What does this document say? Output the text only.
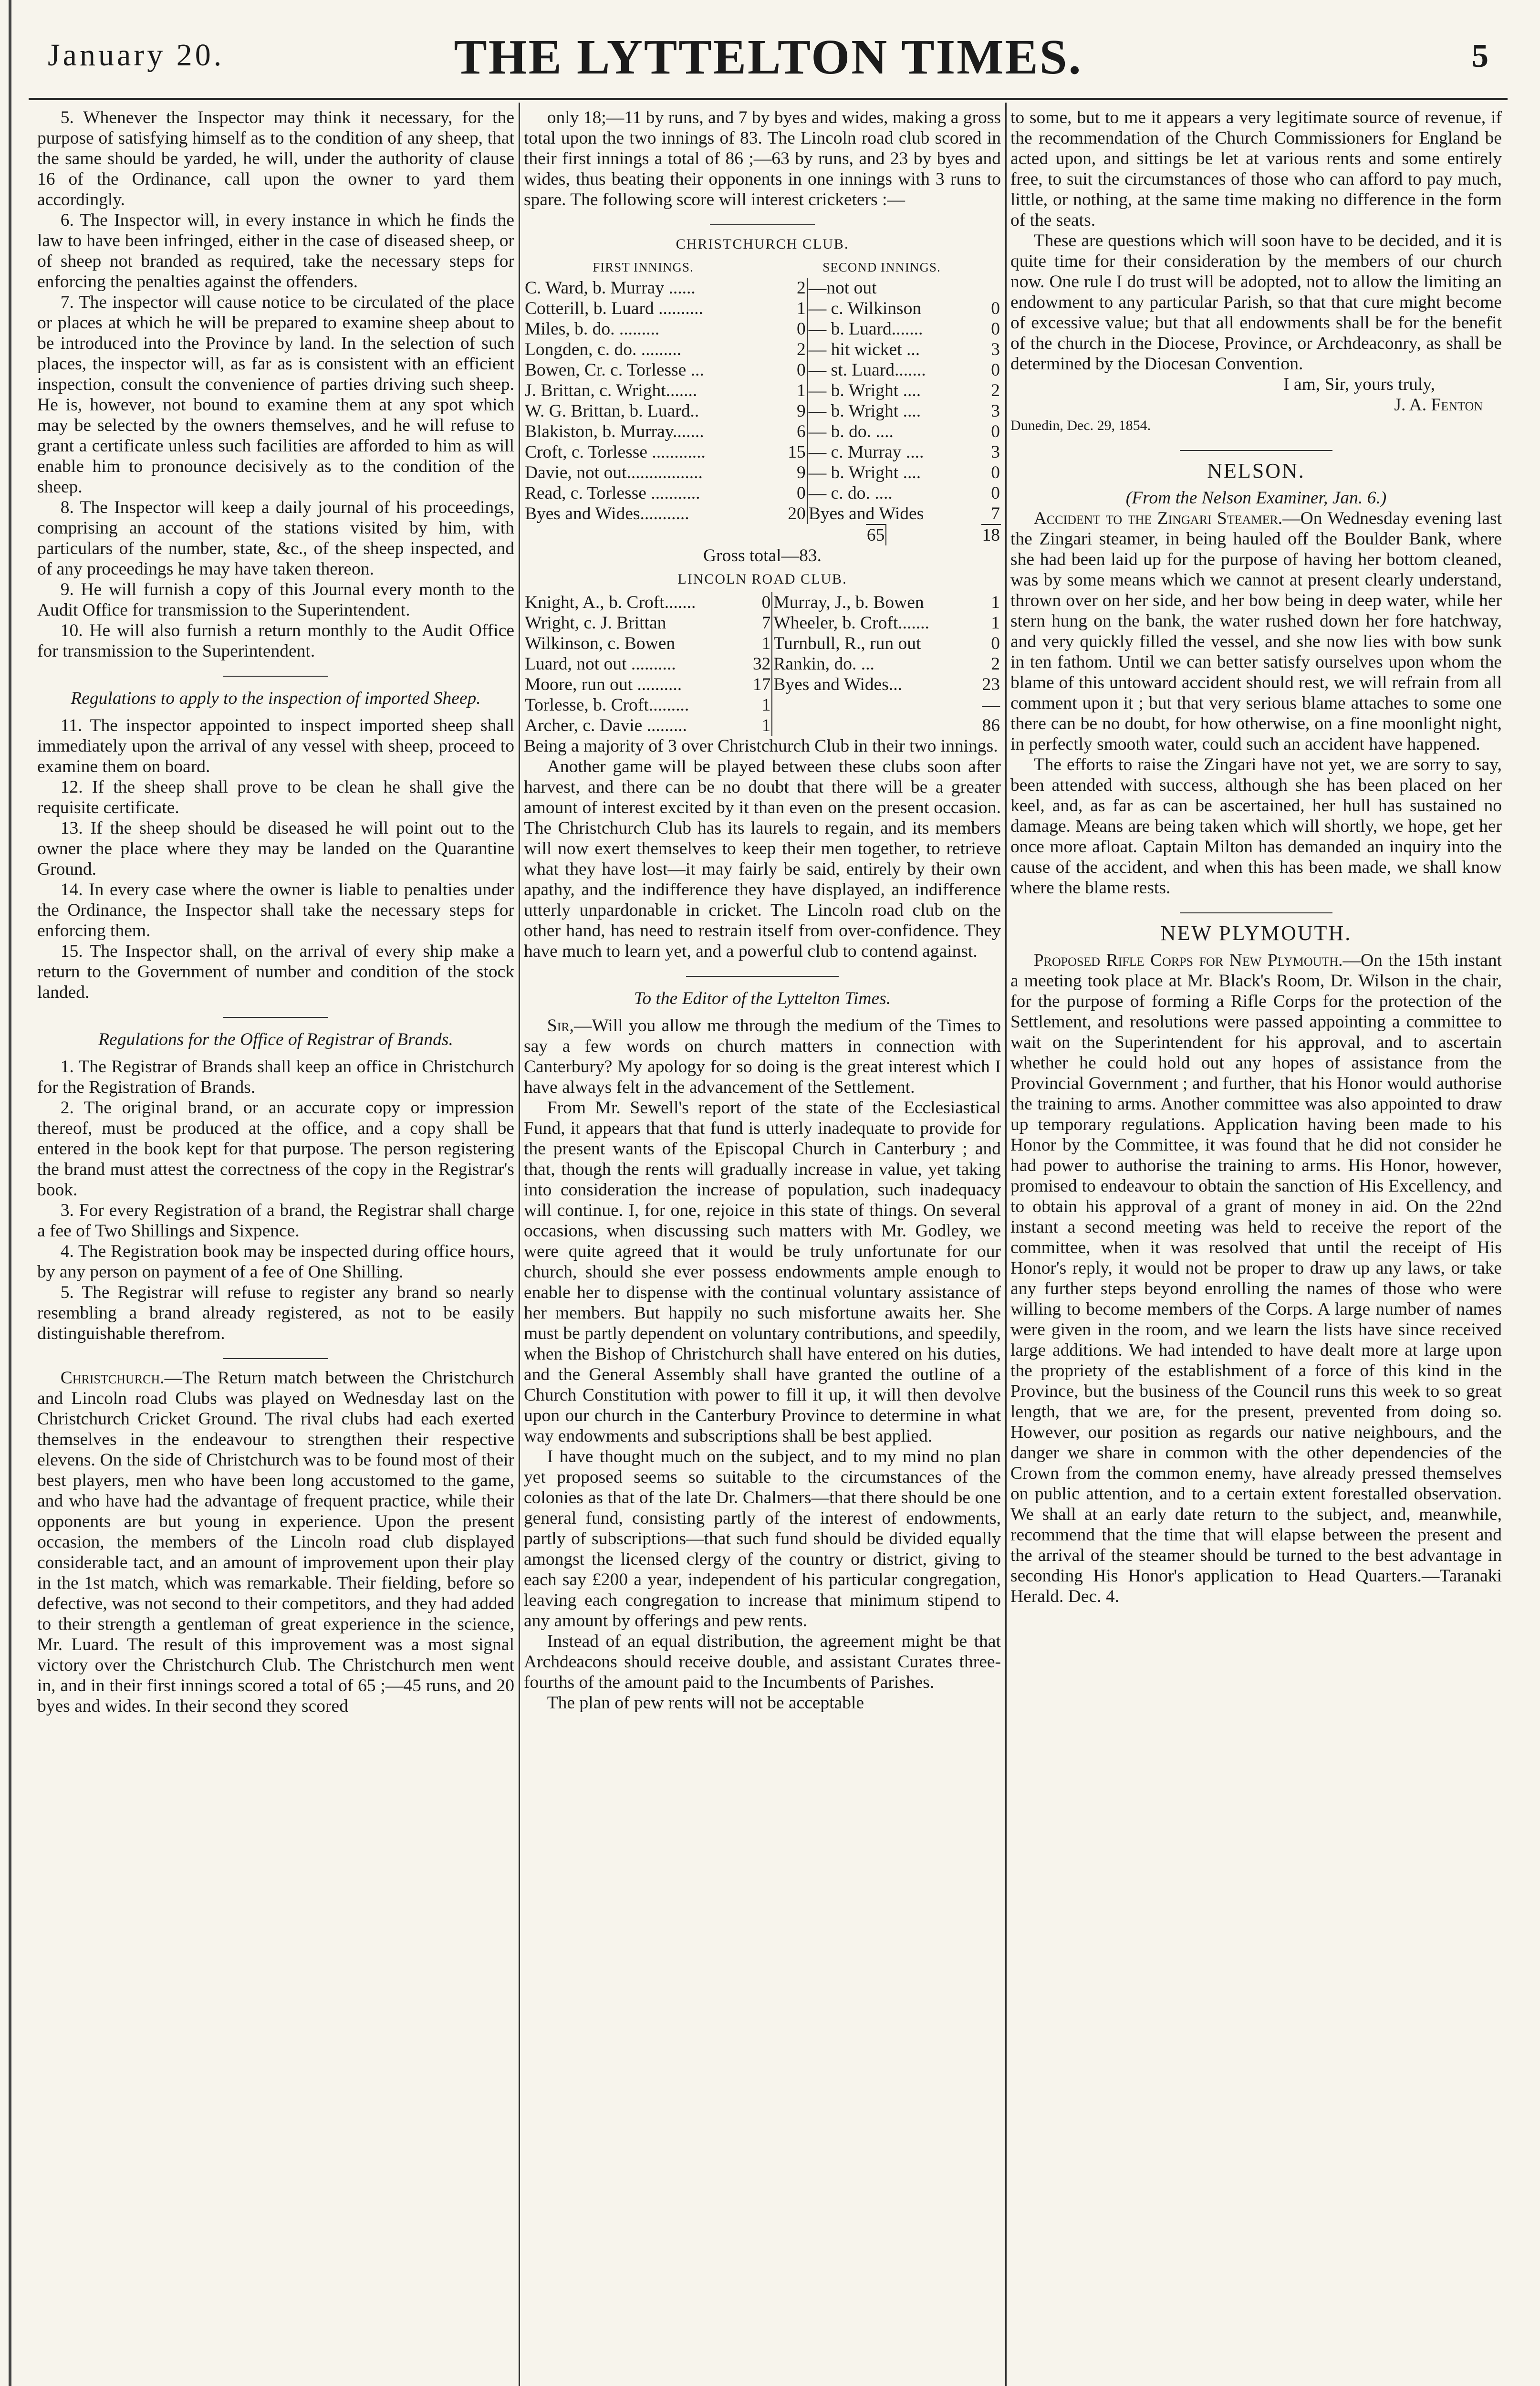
January 20.	THE LYTTELTON TIMES.	5

5. Whenever the Inspector may think it necessary, for the purpose of satisfying himself as to the condition of any sheep, that the same should be yarded, he will, under the authority of clause 16 of the Ordinance, call upon the owner to yard them accordingly.

6. The Inspector will, in every instance in which he finds the law to have been infringed, either in the case of diseased sheep, or of sheep not branded as required, take the necessary steps for enforcing the penalties against the offenders.

7. The inspector will cause notice to be circulated of the place or places at which he will be prepared to examine sheep about to be introduced into the Province by land. In the selection of such places, the inspector will, as far as is consistent with an efficient inspection, consult the convenience of parties driving such sheep. He is, however, not bound to examine them at any spot which may be selected by the owners themselves, and he will refuse to grant a certificate unless such facilities are afforded to him as will enable him to pronounce decisively as to the condition of the sheep.

8. The Inspector will keep a daily journal of his proceedings, comprising an account of the stations visited by him, with particulars of the number, state, &c., of the sheep inspected, and of any proceedings he may have taken thereon.

9. He will furnish a copy of this Journal every month to the Audit Office for transmission to the Superintendent.

10. He will also furnish a return monthly to the Audit Office for transmission to the Superintendent.

Regulations to apply to the inspection of imported Sheep.

11. The inspector appointed to inspect imported sheep shall immediately upon the arrival of any vessel with sheep, proceed to examine them on board.

12. If the sheep shall prove to be clean he shall give the requisite certificate.

13. If the sheep should be diseased he will point out to the owner the place where they may be landed on the Quarantine Ground.

14. In every case where the owner is liable to penalties under the Ordinance, the Inspector shall take the necessary steps for enforcing them.

15. The Inspector shall, on the arrival of every ship make a return to the Government of number and condition of the stock landed.

Regulations for the Office of Registrar of Brands.

1. The Registrar of Brands shall keep an office in Christchurch for the Registration of Brands.

2. The original brand, or an accurate copy or impression thereof, must be produced at the office, and a copy shall be entered in the book kept for that purpose. The person registering the brand must attest the correctness of the copy in the Registrar's book.

3. For every Registration of a brand, the Registrar shall charge a fee of Two Shillings and Sixpence.

4. The Registration book may be inspected during office hours, by any person on payment of a fee of One Shilling.

5. The Registrar will refuse to register any brand so nearly resembling a brand already registered, as not to be easily distinguishable therefrom.

Christchurch.—The Return match between the Christchurch and Lincoln road Clubs was played on Wednesday last on the Christchurch Cricket Ground. The rival clubs had each exerted themselves in the endeavour to strengthen their respective elevens. On the side of Christchurch was to be found most of their best players, men who have been long accustomed to the game, and who have had the advantage of frequent practice, while their opponents are but young in experience. Upon the present occasion, the members of the Lincoln road club displayed considerable tact, and an amount of improvement upon their play in the 1st match, which was remarkable. Their fielding, before so defective, was not second to their competitors, and they had added to their strength a gentleman of great experience in the science, Mr. Luard. The result of this improvement was a most signal victory over the Christchurch Club. The Christchurch men went in, and in their first innings scored a total of 65 ;—45 runs, and 20 byes and wides. In their second they scored

only 18;—11 by runs, and 7 by byes and wides, making a gross total upon the two innings of 83. The Lincoln road club scored in their first innings a total of 86 ;—63 by runs, and 23 by byes and wides, thus beating their opponents in one innings with 3 runs to spare. The following score will interest cricketers :—

CHRISTCHURCH CLUB.

FIRST INNINGS.	SECOND INNINGS.
C. Ward, b. Murray ......	2	—not out	
Cotterill, b. Luard ..........	1	— c. Wilkinson	0
Miles, b. do. .........	0	— b. Luard.......	0
Longden, c. do. .........	2	— hit wicket ...	3
Bowen, Cr. c. Torlesse ...	0	— st. Luard.......	0
J. Brittan, c. Wright.......	1	— b. Wright ....	2
W. G. Brittan, b. Luard..	9	— b. Wright ....	3
Blakiston, b. Murray.......	6	— b. do. ....	0
Croft, c. Torlesse ............	15	— c. Murray ....	3
Davie, not out.................	9	— b. Wright ....	0
Read, c. Torlesse ...........	0	— c. do. ....	0
Byes and Wides...........	20	Byes and Wides	7
	65		18

Gross total—83.

LINCOLN ROAD CLUB.

Knight, A., b. Croft.......	0	Murray, J., b. Bowen	1
Wright, c. J. Brittan	7	Wheeler, b. Croft.......	1
Wilkinson, c. Bowen	1	Turnbull, R., run out	0
Luard, not out ..........	32	Rankin, do. ...	2
Moore, run out ..........	17	Byes and Wides...	23
Torlesse, b. Croft.........	1		—
Archer, c. Davie .........	1		86

Being a majority of 3 over Christchurch Club in their two innings.

Another game will be played between these clubs soon after harvest, and there can be no doubt that there will be a greater amount of interest excited by it than even on the present occasion. The Christchurch Club has its laurels to regain, and its members will now exert themselves to keep their men together, to retrieve what they have lost—it may fairly be said, entirely by their own apathy, and the indifference they have displayed, an indifference utterly unpardonable in cricket. The Lincoln road club on the other hand, has need to restrain itself from over-confidence. They have much to learn yet, and a powerful club to contend against.

To the Editor of the Lyttelton Times.

Sir,—Will you allow me through the medium of the Times to say a few words on church matters in connection with Canterbury? My apology for so doing is the great interest which I have always felt in the advancement of the Settlement.

From Mr. Sewell's report of the state of the Ecclesiastical Fund, it appears that that fund is utterly inadequate to provide for the present wants of the Episcopal Church in Canterbury ; and that, though the rents will gradually increase in value, yet taking into consideration the increase of population, such inadequacy will continue. I, for one, rejoice in this state of things. On several occasions, when discussing such matters with Mr. Godley, we were quite agreed that it would be truly unfortunate for our church, should she ever possess endowments ample enough to enable her to dispense with the continual voluntary assistance of her members. But happily no such misfortune awaits her. She must be partly dependent on voluntary contributions, and speedily, when the Bishop of Christchurch shall have entered on his duties, and the General Assembly shall have granted the outline of a Church Constitution with power to fill it up, it will then devolve upon our church in the Canterbury Province to determine in what way endowments and subscriptions shall be best applied.

I have thought much on the subject, and to my mind no plan yet proposed seems so suitable to the circumstances of the colonies as that of the late Dr. Chalmers—that there should be one general fund, consisting partly of the interest of endowments, partly of subscriptions—that such fund should be divided equally amongst the licensed clergy of the country or district, giving to each say £200 a year, independent of his particular congregation, leaving each congregation to increase that minimum stipend to any amount by offerings and pew rents.

Instead of an equal distribution, the agreement might be that Archdeacons should receive double, and assistant Curates three-fourths of the amount paid to the Incumbents of Parishes.

The plan of pew rents will not be acceptable

to some, but to me it appears a very legitimate source of revenue, if the recommendation of the Church Commissioners for England be acted upon, and sittings be let at various rents and some entirely free, to suit the circumstances of those who can afford to pay much, little, or nothing, at the same time making no difference in the form of the seats.

These are questions which will soon have to be decided, and it is quite time for their consideration by the members of our church now. One rule I do trust will be adopted, not to allow the limiting an endowment to any particular Parish, so that that cure might become of excessive value; but that all endowments shall be for the benefit of the church in the Diocese, Province, or Archdeaconry, as shall be determined by the Diocesan Convention.

I am, Sir, yours truly,

J. A. Fenton

Dunedin, Dec. 29, 1854.

NELSON.

(From the Nelson Examiner, Jan. 6.)

Accident to the Zingari Steamer.—On Wednesday evening last the Zingari steamer, in being hauled off the Boulder Bank, where she had been laid up for the purpose of having her bottom cleaned, was by some means which we cannot at present clearly understand, thrown over on her side, and her bow being in deep water, while her stern hung on the bank, the water rushed down her fore hatchway, and very quickly filled the vessel, and she now lies with bow sunk in ten fathom. Until we can better satisfy ourselves upon whom the blame of this untoward accident should rest, we will refrain from all comment upon it ; but that very serious blame attaches to some one there can be no doubt, for how otherwise, on a fine moonlight night, in perfectly smooth water, could such an accident have happened.

The efforts to raise the Zingari have not yet, we are sorry to say, been attended with success, although she has been placed on her keel, and, as far as can be ascertained, her hull has sustained no damage. Means are being taken which will shortly, we hope, get her once more afloat. Captain Milton has demanded an inquiry into the cause of the accident, and when this has been made, we shall know where the blame rests.

NEW PLYMOUTH.

Proposed Rifle Corps for New Plymouth.—On the 15th instant a meeting took place at Mr. Black's Room, Dr. Wilson in the chair, for the purpose of forming a Rifle Corps for the protection of the Settlement, and resolutions were passed appointing a committee to wait on the Superintendent for his approval, and to ascertain whether he could hold out any hopes of assistance from the Provincial Government ; and further, that his Honor would authorise the training to arms. Another committee was also appointed to draw up temporary regulations. Application having been made to his Honor by the Committee, it was found that he did not consider he had power to authorise the training to arms. His Honor, however, promised to endeavour to obtain the sanction of His Excellency, and to obtain his approval of a grant of money in aid. On the 22nd instant a second meeting was held to receive the report of the committee, when it was resolved that until the receipt of His Honor's reply, it would not be proper to draw up any laws, or take any further steps beyond enrolling the names of those who were willing to become members of the Corps. A large number of names were given in the room, and we learn the lists have since received large additions. We had intended to have dealt more at large upon the propriety of the establishment of a force of this kind in the Province, but the business of the Council runs this week to so great length, that we are, for the present, prevented from doing so. However, our position as regards our native neighbours, and the danger we share in common with the other dependencies of the Crown from the common enemy, have already pressed themselves on public attention, and to a certain extent forestalled observation. We shall at an early date return to the subject, and, meanwhile, recommend that the time that will elapse between the present and the arrival of the steamer should be turned to the best advantage in seconding His Honor's application to Head Quarters.—Taranaki Herald. Dec. 4.
